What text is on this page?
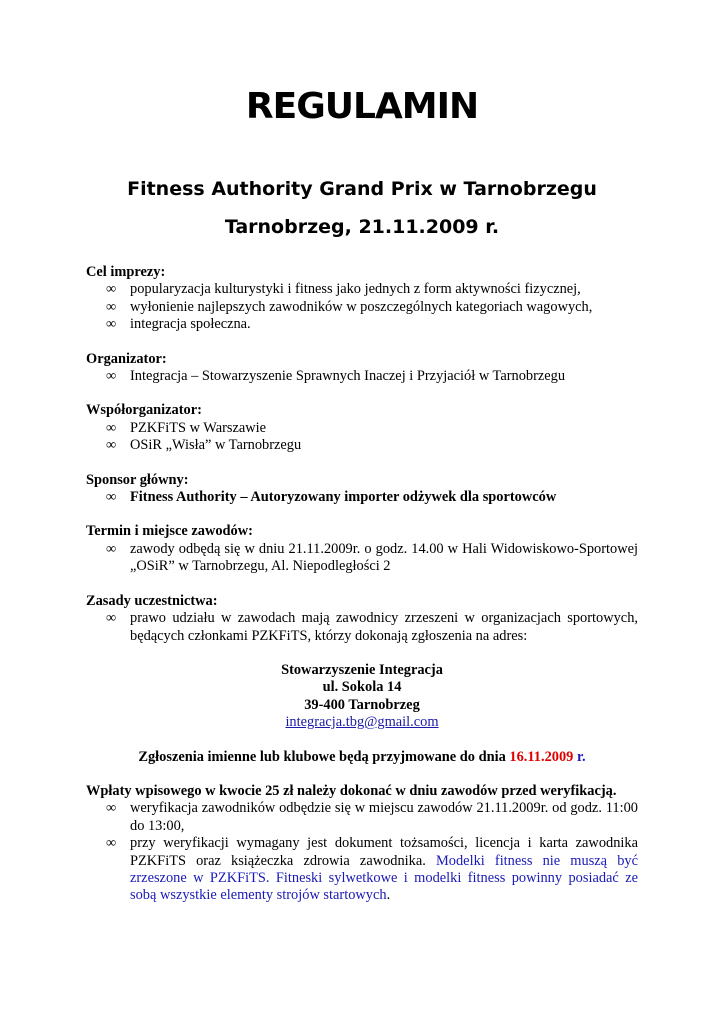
REGULAMIN
Fitness Authority Grand Prix w Tarnobrzegu
Tarnobrzeg, 21.11.2009 r.
Cel imprezy:
∞ popularyzacja kulturystyki i fitness jako jednych z form aktywności fizycznej,
∞ wyłonienie najlepszych zawodników w poszczególnych kategoriach wagowych,
∞ integracja społeczna.
Organizator:
∞ Integracja – Stowarzyszenie Sprawnych Inaczej i Przyjaciół w Tarnobrzegu
Współorganizator:
∞ PZKFiTS w Warszawie
∞ OSiR „Wisła” w Tarnobrzegu
Sponsor główny:
∞ Fitness Authority – Autoryzowany importer odżywek dla sportowców
Termin i miejsce zawodów:
∞ zawody odbędą się w dniu 21.11.2009r. o godz. 14.00 w Hali Widowiskowo-Sportowej „OSiR” w Tarnobrzegu, Al. Niepodległości 2
Zasady uczestnictwa:
∞ prawo udziału w zawodach mają zawodnicy zrzeszeni w organizacjach sportowych, będących członkami PZKFiTS, którzy dokonają zgłoszenia na adres:
Stowarzyszenie Integracja
ul. Sokola 14
39-400 Tarnobrzeg
integracja.tbg@gmail.com
Zgłoszenia imienne lub klubowe będą przyjmowane do dnia 16.11.2009 r.
Wpłaty wpisowego w kwocie 25 zł należy dokonać w dniu zawodów przed weryfikacją.
∞ weryfikacja zawodników odbędzie się w miejscu zawodów 21.11.2009r. od godz. 11:00 do 13:00,
∞ przy weryfikacji wymagany jest dokument tożsamości, licencja i karta zawodnika PZKFiTS oraz książeczka zdrowia zawodnika. Modelki fitness nie muszą być zrzeszone w PZKFiTS. Fitneski sylwetkowe i modelki fitness powinny posiadać ze sobą wszystkie elementy strojów startowych.
